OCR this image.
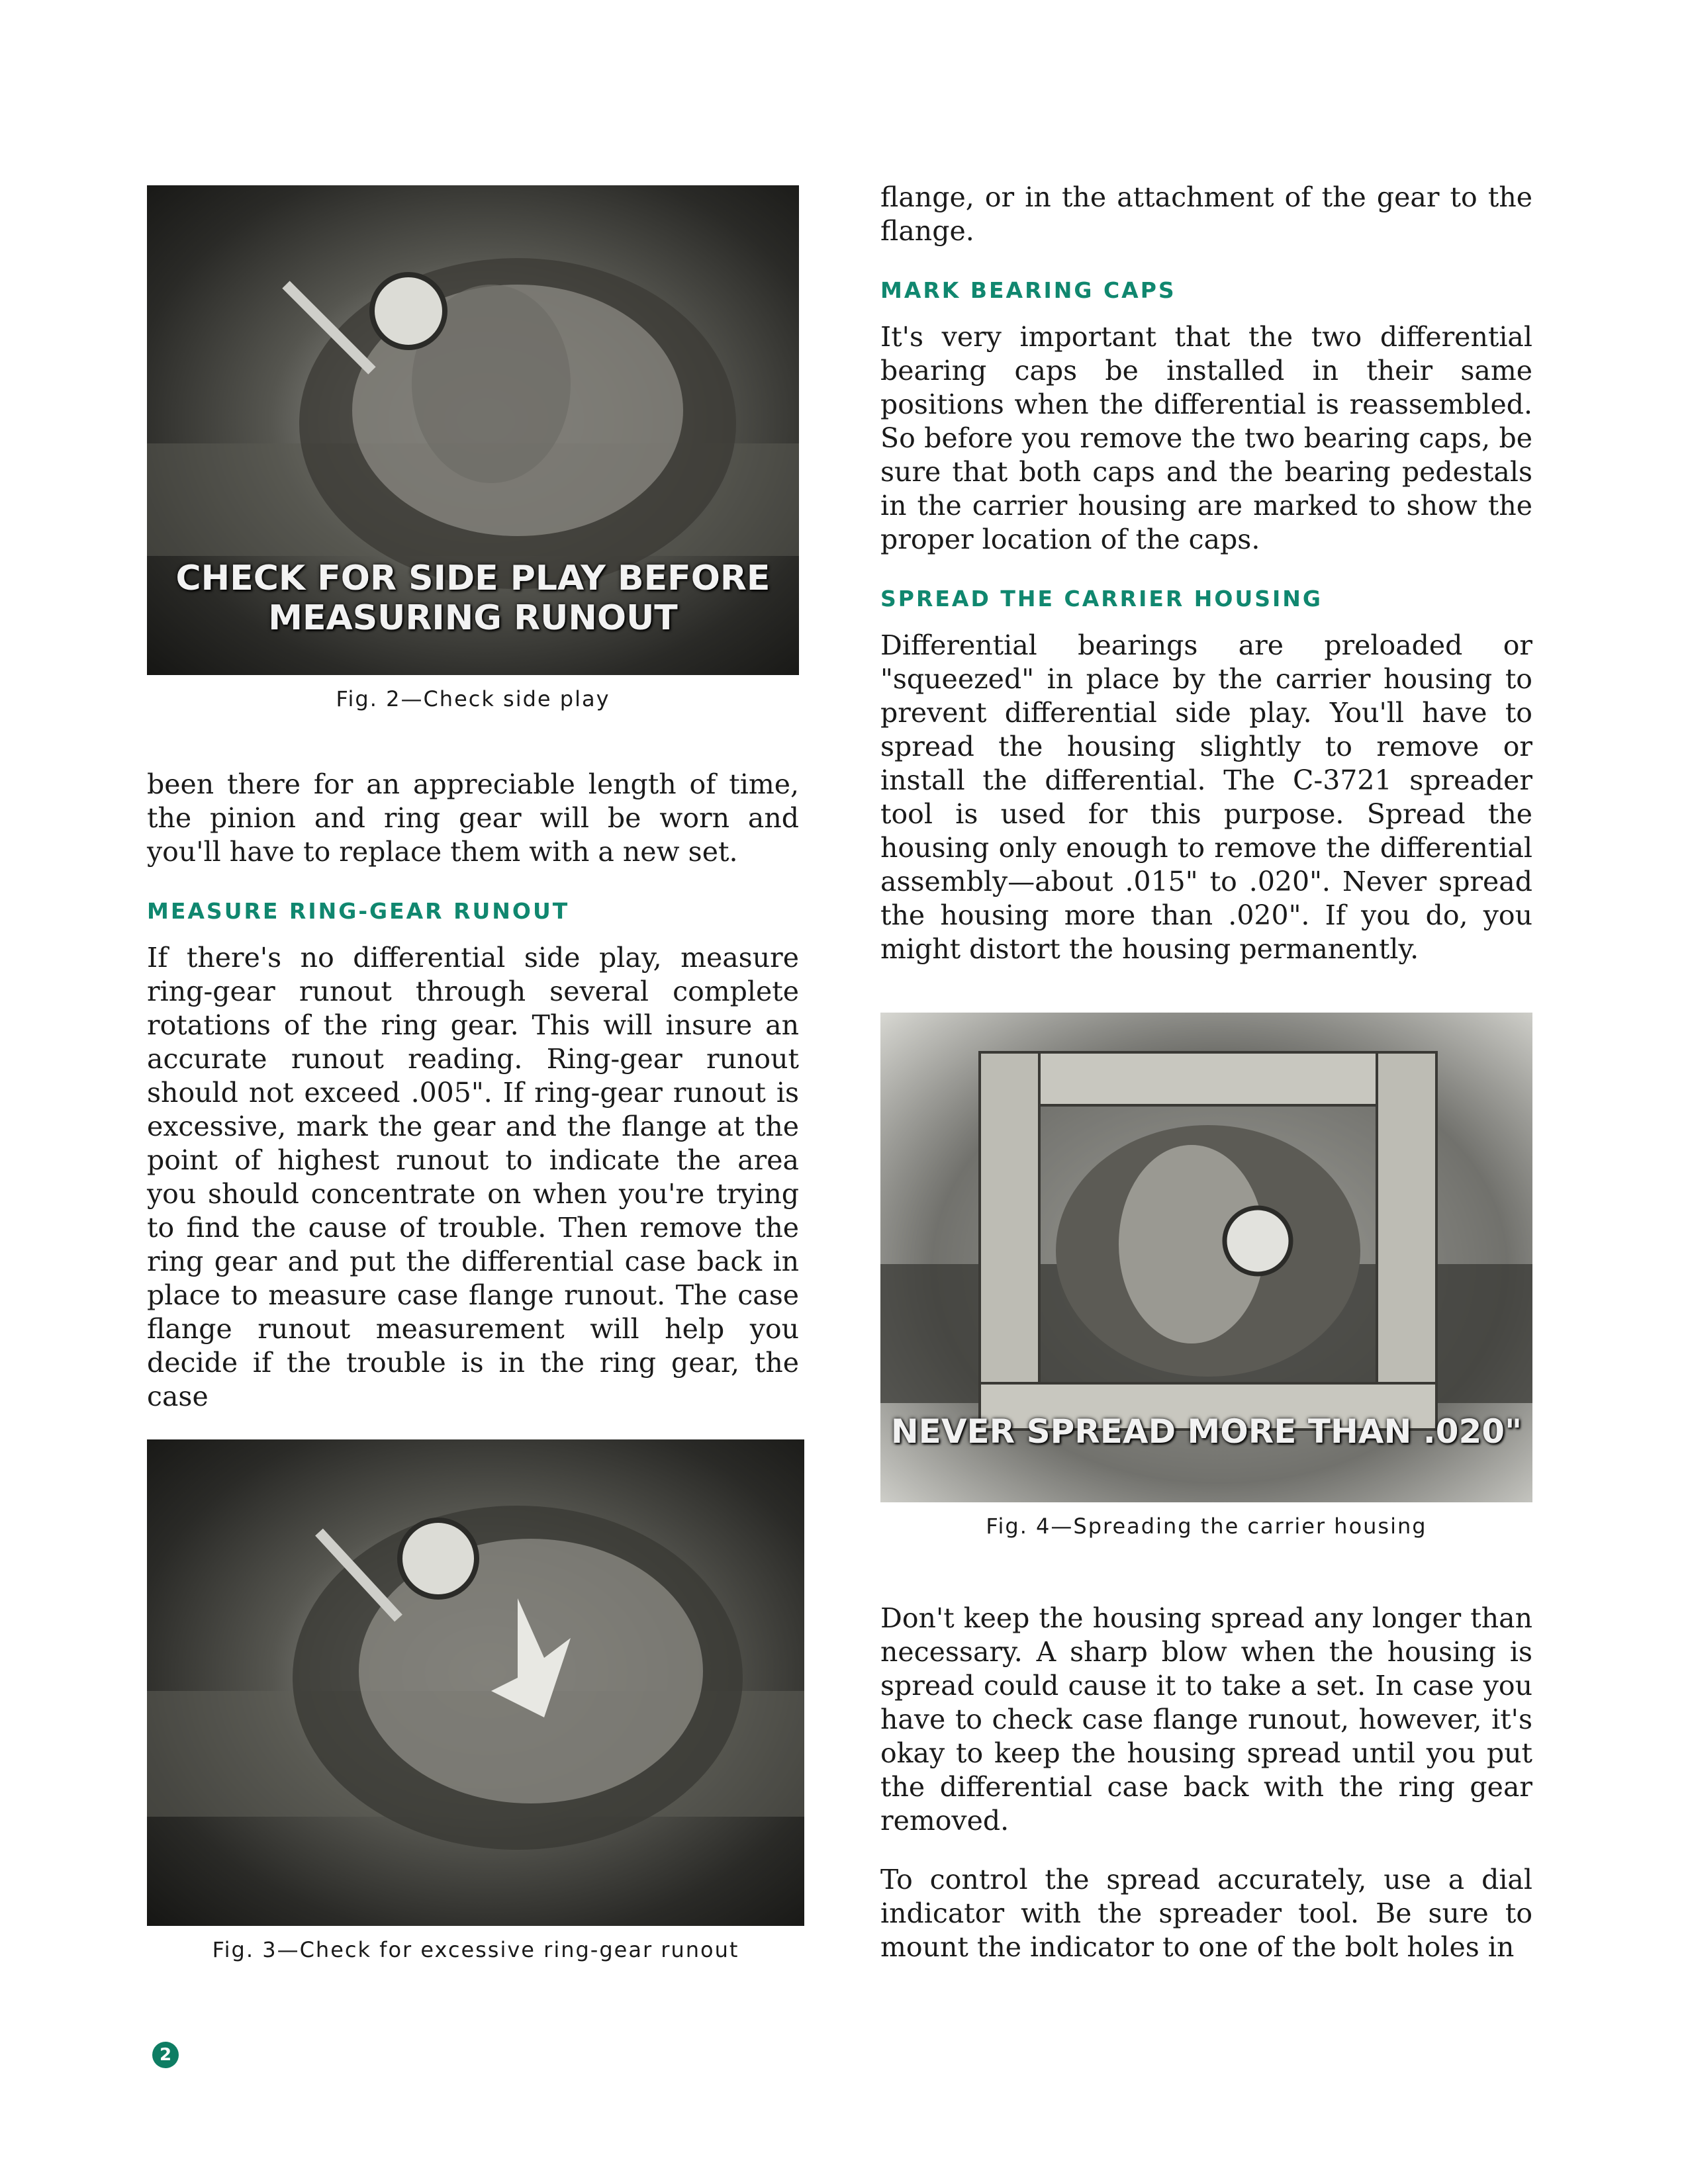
CHECK FOR SIDE PLAY BEFORE
MEASURING RUNOUT
Fig. 2—Check side play

been there for an appreciable length of time, the pinion and ring gear will be worn and you'll have to replace them with a new set.

MEASURE RING-GEAR RUNOUT

If there's no differential side play, measure ring-gear runout through several complete rotations of the ring gear. This will insure an accurate runout reading. Ring-gear runout should not exceed .005". If ring-gear runout is excessive, mark the gear and the flange at the point of highest runout to indicate the area you should concentrate on when you're trying to find the cause of trouble. Then remove the ring gear and put the differential case back in place to measure case flange runout. The case flange runout measurement will help you decide if the trouble is in the ring gear, the case

Fig. 3—Check for excessive ring-gear runout

flange, or in the attachment of the gear to the flange.

MARK BEARING CAPS

It's very important that the two differential bearing caps be installed in their same positions when the differential is reassembled. So before you remove the two bearing caps, be sure that both caps and the bearing pedestals in the carrier housing are marked to show the proper location of the caps.

SPREAD THE CARRIER HOUSING

Differential bearings are preloaded or "squeezed" in place by the carrier housing to prevent differential side play. You'll have to spread the housing slightly to remove or install the differential. The C-3721 spreader tool is used for this purpose. Spread the housing only enough to remove the differential assembly—about .015" to .020". Never spread the housing more than .020". If you do, you might distort the housing permanently.

NEVER SPREAD MORE THAN .020"
Fig. 4—Spreading the carrier housing

Don't keep the housing spread any longer than necessary. A sharp blow when the housing is spread could cause it to take a set. In case you have to check case flange runout, however, it's okay to keep the housing spread until you put the differential case back with the ring gear removed.

To control the spread accurately, use a dial indicator with the spreader tool. Be sure to mount the indicator to one of the bolt holes in

2
